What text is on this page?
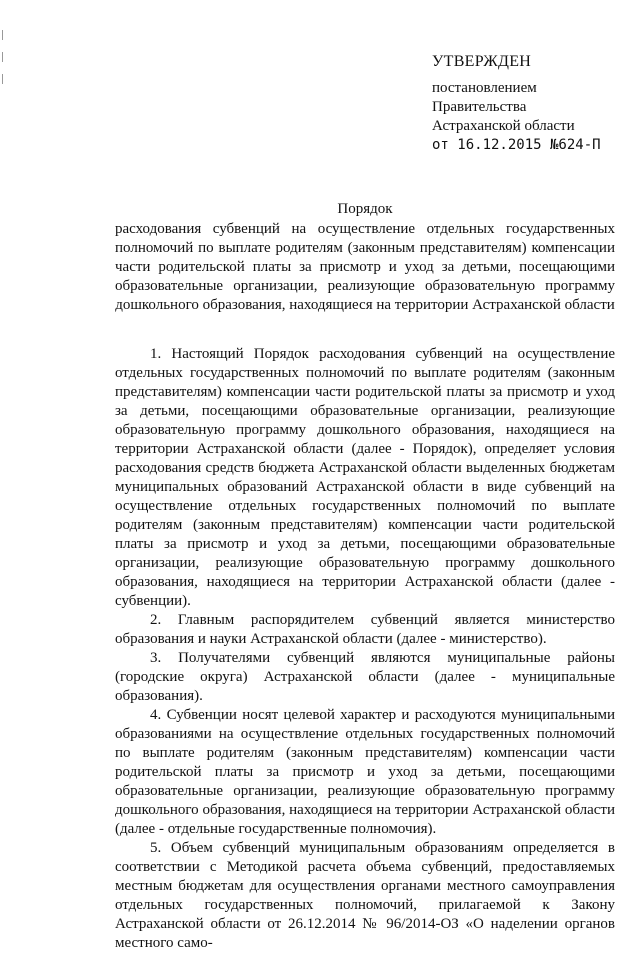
УТВЕРЖДЕН
постановлением
Правительства
Астраханской области
от 16.12.2015 №624-П
Порядок
расходования субвенций на осуществление отдельных государственных полномочий по выплате родителям (законным представителям) компенсации части родительской платы за присмотр и уход за детьми, посещающими образовательные организации, реализующие образовательную программу дошкольного образования, находящиеся на территории Астраханской области

1. Настоящий Порядок расходования субвенций на осуществление отдельных государственных полномочий по выплате родителям (законным представителям) компенсации части родительской платы за присмотр и уход за детьми, посещающими образовательные организации, реализующие образовательную программу дошкольного образования, находящиеся на территории Астраханской области (далее - Порядок), определяет условия расходования средств бюджета Астраханской области выделенных бюджетам муниципальных образований Астраханской области в виде субвенций на осуществление отдельных государственных полномочий по выплате родителям (законным представителям) компенсации части родительской платы за присмотр и уход за детьми, посещающими образовательные организации, реализующие образовательную программу дошкольного образования, находящиеся на территории Астраханской области (далее - субвенции).

2. Главным распорядителем субвенций является министерство образования и науки Астраханской области (далее - министерство).

3. Получателями субвенций являются муниципальные районы (городские округа) Астраханской области (далее - муниципальные образования).

4. Субвенции носят целевой характер и расходуются муниципальными образованиями на осуществление отдельных государственных полномочий по выплате родителям (законным представителям) компенсации части родительской платы за присмотр и уход за детьми, посещающими образовательные организации, реализующие образовательную программу дошкольного образования, находящиеся на территории Астраханской области (далее - отдельные государственные полномочия).

5. Объем субвенций муниципальным образованиям определяется в соответствии с Методикой расчета объема субвенций, предоставляемых местным бюджетам для осуществления органами местного самоуправления отдельных государственных полномочий, прилагаемой к Закону Астраханской области от 26.12.2014 № 96/2014-ОЗ «О наделении органов местного само-
